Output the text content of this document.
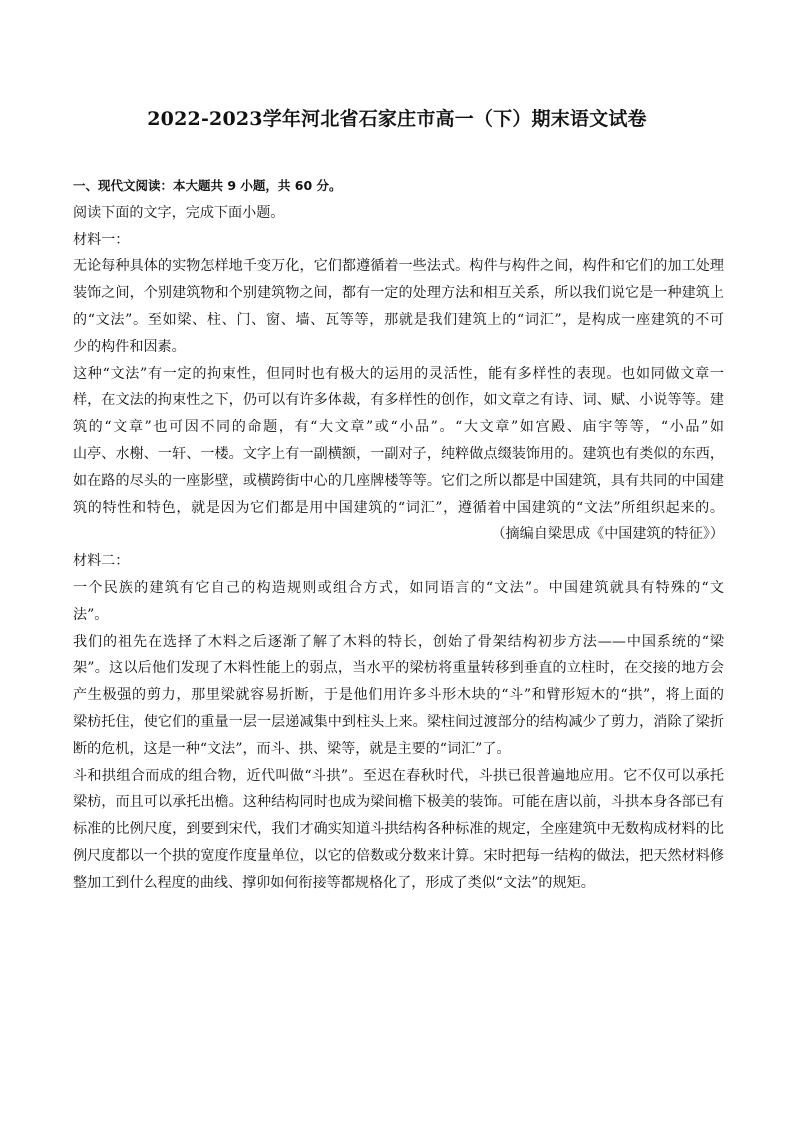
2022-2023学年河北省石家庄市高一（下）期末语文试卷

一、现代文阅读：本大题共 9 小题，共 60 分。

阅读下面的文字，完成下面小题。

材料一：

无论每种具体的实物怎样地千变万化，它们都遵循着一些法式。构件与构件之间，构件和它们的加工处理

装饰之间，个别建筑物和个别建筑物之间，都有一定的处理方法和相互关系，所以我们说它是一种建筑上

的“文法”。至如梁、柱、门、窗、墙、瓦等等，那就是我们建筑上的“词汇”，是构成一座建筑的不可

少的构件和因素。

这种“文法”有一定的拘束性，但同时也有极大的运用的灵活性，能有多样性的表现。也如同做文章一

样，在文法的拘束性之下，仍可以有许多体裁，有多样性的创作，如文章之有诗、词、赋、小说等等。建

筑的“文章”也可因不同的命题，有“大文章”或“小品”。“大文章”如宫殿、庙宇等等，“小品”如

山亭、水榭、一轩、一楼。文字上有一副横额，一副对子，纯粹做点缀装饰用的。建筑也有类似的东西，

如在路的尽头的一座影壁，或横跨街中心的几座牌楼等等。它们之所以都是中国建筑，具有共同的中国建

筑的特性和特色，就是因为它们都是用中国建筑的“词汇”，遵循着中国建筑的“文法”所组织起来的。

（摘编自梁思成《中国建筑的特征》）

材料二：

一个民族的建筑有它自己的构造规则或组合方式，如同语言的“文法”。中国建筑就具有特殊的“文

法”。

我们的祖先在选择了木料之后逐渐了解了木料的特长，创始了骨架结构初步方法——中国系统的“梁

架”。这以后他们发现了木料性能上的弱点，当水平的梁枋将重量转移到垂直的立柱时，在交接的地方会

产生极强的剪力，那里梁就容易折断，于是他们用许多斗形木块的“斗”和臂形短木的“拱”，将上面的

梁枋托住，使它们的重量一层一层递减集中到柱头上来。梁柱间过渡部分的结构减少了剪力，消除了梁折

断的危机，这是一种“文法”，而斗、拱、梁等，就是主要的“词汇”了。

斗和拱组合而成的组合物，近代叫做“斗拱”。至迟在春秋时代，斗拱已很普遍地应用。它不仅可以承托

梁枋，而且可以承托出檐。这种结构同时也成为梁间檐下极美的装饰。可能在唐以前，斗拱本身各部已有

标准的比例尺度，到要到宋代，我们才确实知道斗拱结构各种标准的规定，全座建筑中无数构成材料的比

例尺度都以一个拱的宽度作度量单位，以它的倍数或分数来计算。宋时把每一结构的做法，把天然材料修

整加工到什么程度的曲线、撑卯如何衔接等都规格化了，形成了类似“文法”的规矩。
